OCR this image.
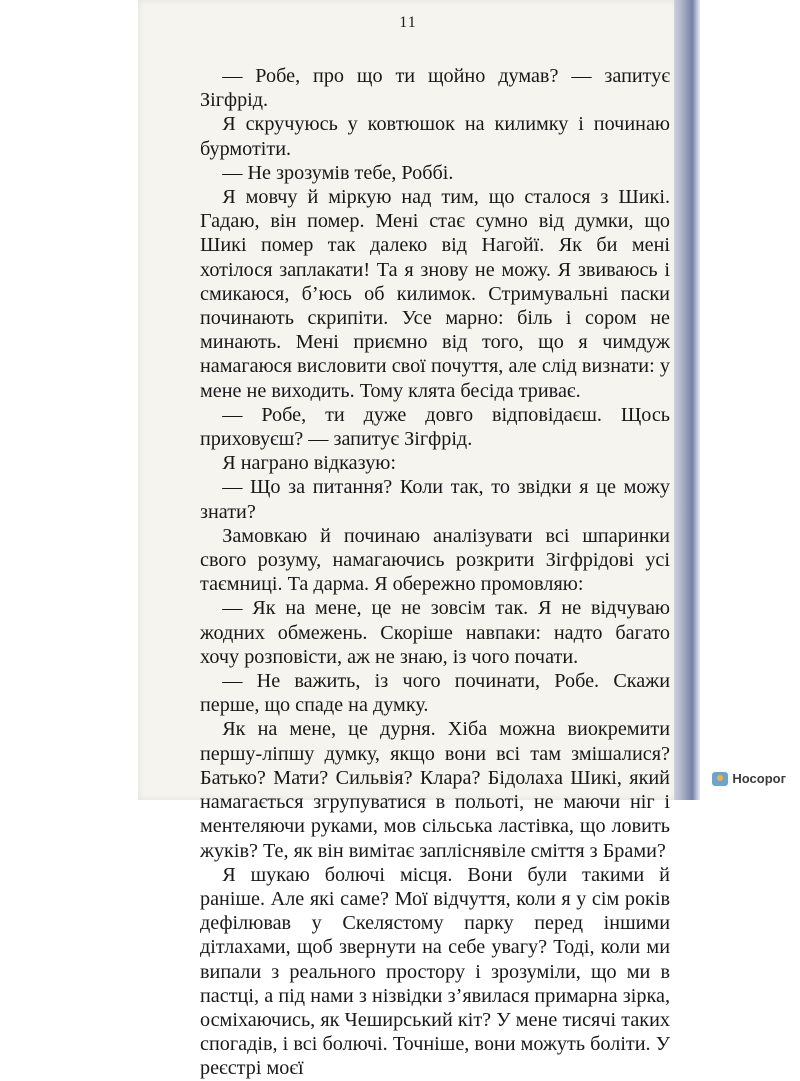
11

— Робе, про що ти щойно думав? — запитує Зігфрід.

Я скручуюсь у ковтюшок на килимку і починаю бурмотіти.

— Не зрозумів тебе, Роббі.

Я мовчу й міркую над тим, що сталося з Шикі. Гадаю, він помер. Мені стає сумно від думки, що Шикі помер так далеко від Нагойї. Як би мені хотілося заплакати! Та я знову не можу. Я звиваюсь і смикаюся, б’юсь об килимок. Стримувальні паски починають скрипіти. Усе марно: біль і сором не минають. Мені приємно від того, що я чимдуж намагаюся висловити свої почуття, але слід визнати: у мене не виходить. Тому клята бесіда триває.

— Робе, ти дуже довго відповідаєш. Щось приховуєш? — запитує Зігфрід.

Я награно відказую:

— Що за питання? Коли так, то звідки я це можу знати?

Замовкаю й починаю аналізувати всі шпаринки свого розуму, намагаючись розкрити Зігфрідові усі таємниці. Та дарма. Я обережно промовляю:

— Як на мене, це не зовсім так. Я не відчуваю жодних обмежень. Скоріше навпаки: надто багато хочу розповісти, аж не знаю, із чого почати.

— Не важить, із чого починати, Робе. Скажи перше, що спаде на думку.

Як на мене, це дурня. Хіба можна виокремити першу-ліпшу думку, якщо вони всі там змішалися? Батько? Мати? Сильвія? Клара? Бідолаха Шикі, який намагається згрупуватися в польоті, не маючи ніг і ментеляючи руками, мов сільська ластівка, що ловить жуків? Те, як він вимітає запліснявіле сміття з Брами?

Я шукаю болючі місця. Вони були такими й раніше. Але які саме? Мої відчуття, коли я у сім років дефілював у Скелястому парку перед іншими дітлахами, щоб звернути на себе увагу? Тоді, коли ми випали з реального простору і зрозуміли, що ми в пастці, а під нами з нізвідки з’явилася примарна зірка, осміхаючись, як Чеширський кіт? У мене тисячі таких спогадів, і всі болючі. Точніше, вони можуть боліти. У реєстрі моєї

Носорог
